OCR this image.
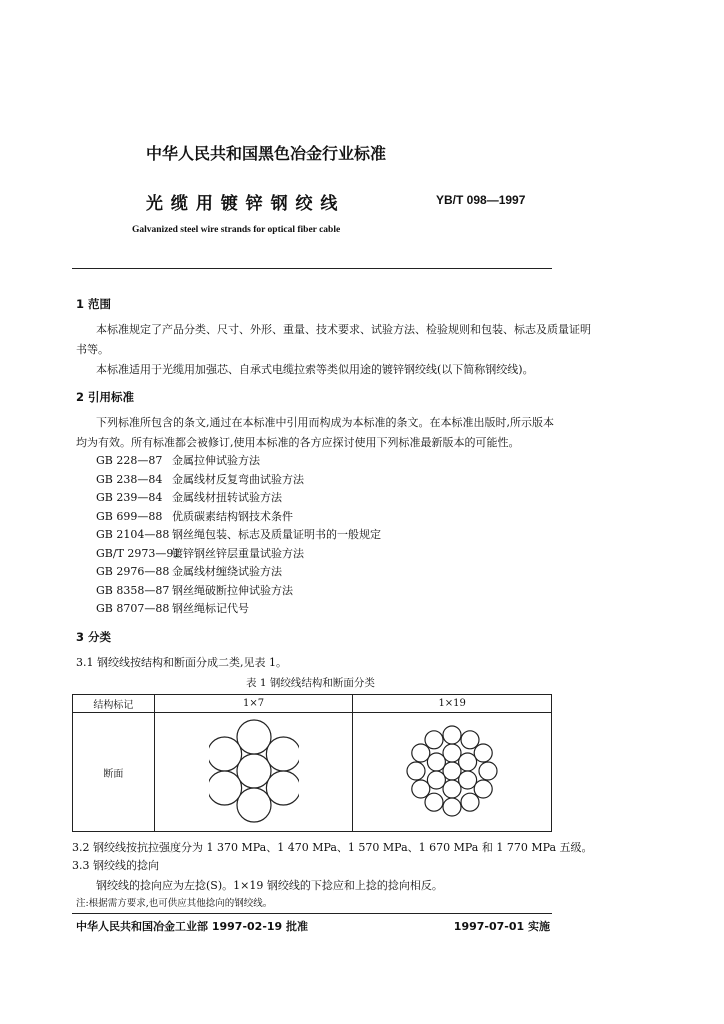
中华人民共和国黑色冶金行业标准
光 缆 用 镀 锌 钢 绞 线	YB/T 098—1997
Galvanized steel wire strands for optical fiber cable
1 范围
本标准规定了产品分类、尺寸、外形、重量、技术要求、试验方法、检验规则和包装、标志及质量证明
书等。
本标准适用于光缆用加强芯、自承式电缆拉索等类似用途的镀锌钢绞线(以下简称钢绞线)。
2 引用标准
下列标准所包含的条文,通过在本标准中引用而构成为本标准的条文。在本标准出版时,所示版本
均为有效。所有标准都会被修订,使用本标准的各方应探讨使用下列标准最新版本的可能性。
GB 228—87 金属拉伸试验方法
GB 238—84 金属线材反复弯曲试验方法
GB 239—84 金属线材扭转试验方法
GB 699—88 优质碳素结构钢技术条件
GB 2104—88 钢丝绳包装、标志及质量证明书的一般规定
GB/T 2973—91镀锌钢丝锌层重量试验方法
GB 2976—88 金属线材缠绕试验方法
GB 8358—87 钢丝绳破断拉伸试验方法
GB 8707—88 钢丝绳标记代号
3 分类
3.1 钢绞线按结构和断面分成二类,见表 1。
表 1 钢绞线结构和断面分类
结构标记	1×7	1×19
断面		
3.2 钢绞线按抗拉强度分为 1 370 MPa、1 470 MPa、1 570 MPa、1 670 MPa 和 1 770 MPa 五级。
3.3 钢绞线的捻向
钢绞线的捻向应为左捻(S)。1×19 钢绞线的下捻应和上捻的捻向相反。
注:根据需方要求,也可供应其他捻向的钢绞线。
中华人民共和国冶金工业部 1997-02-19 批准	1997-07-01 实施
